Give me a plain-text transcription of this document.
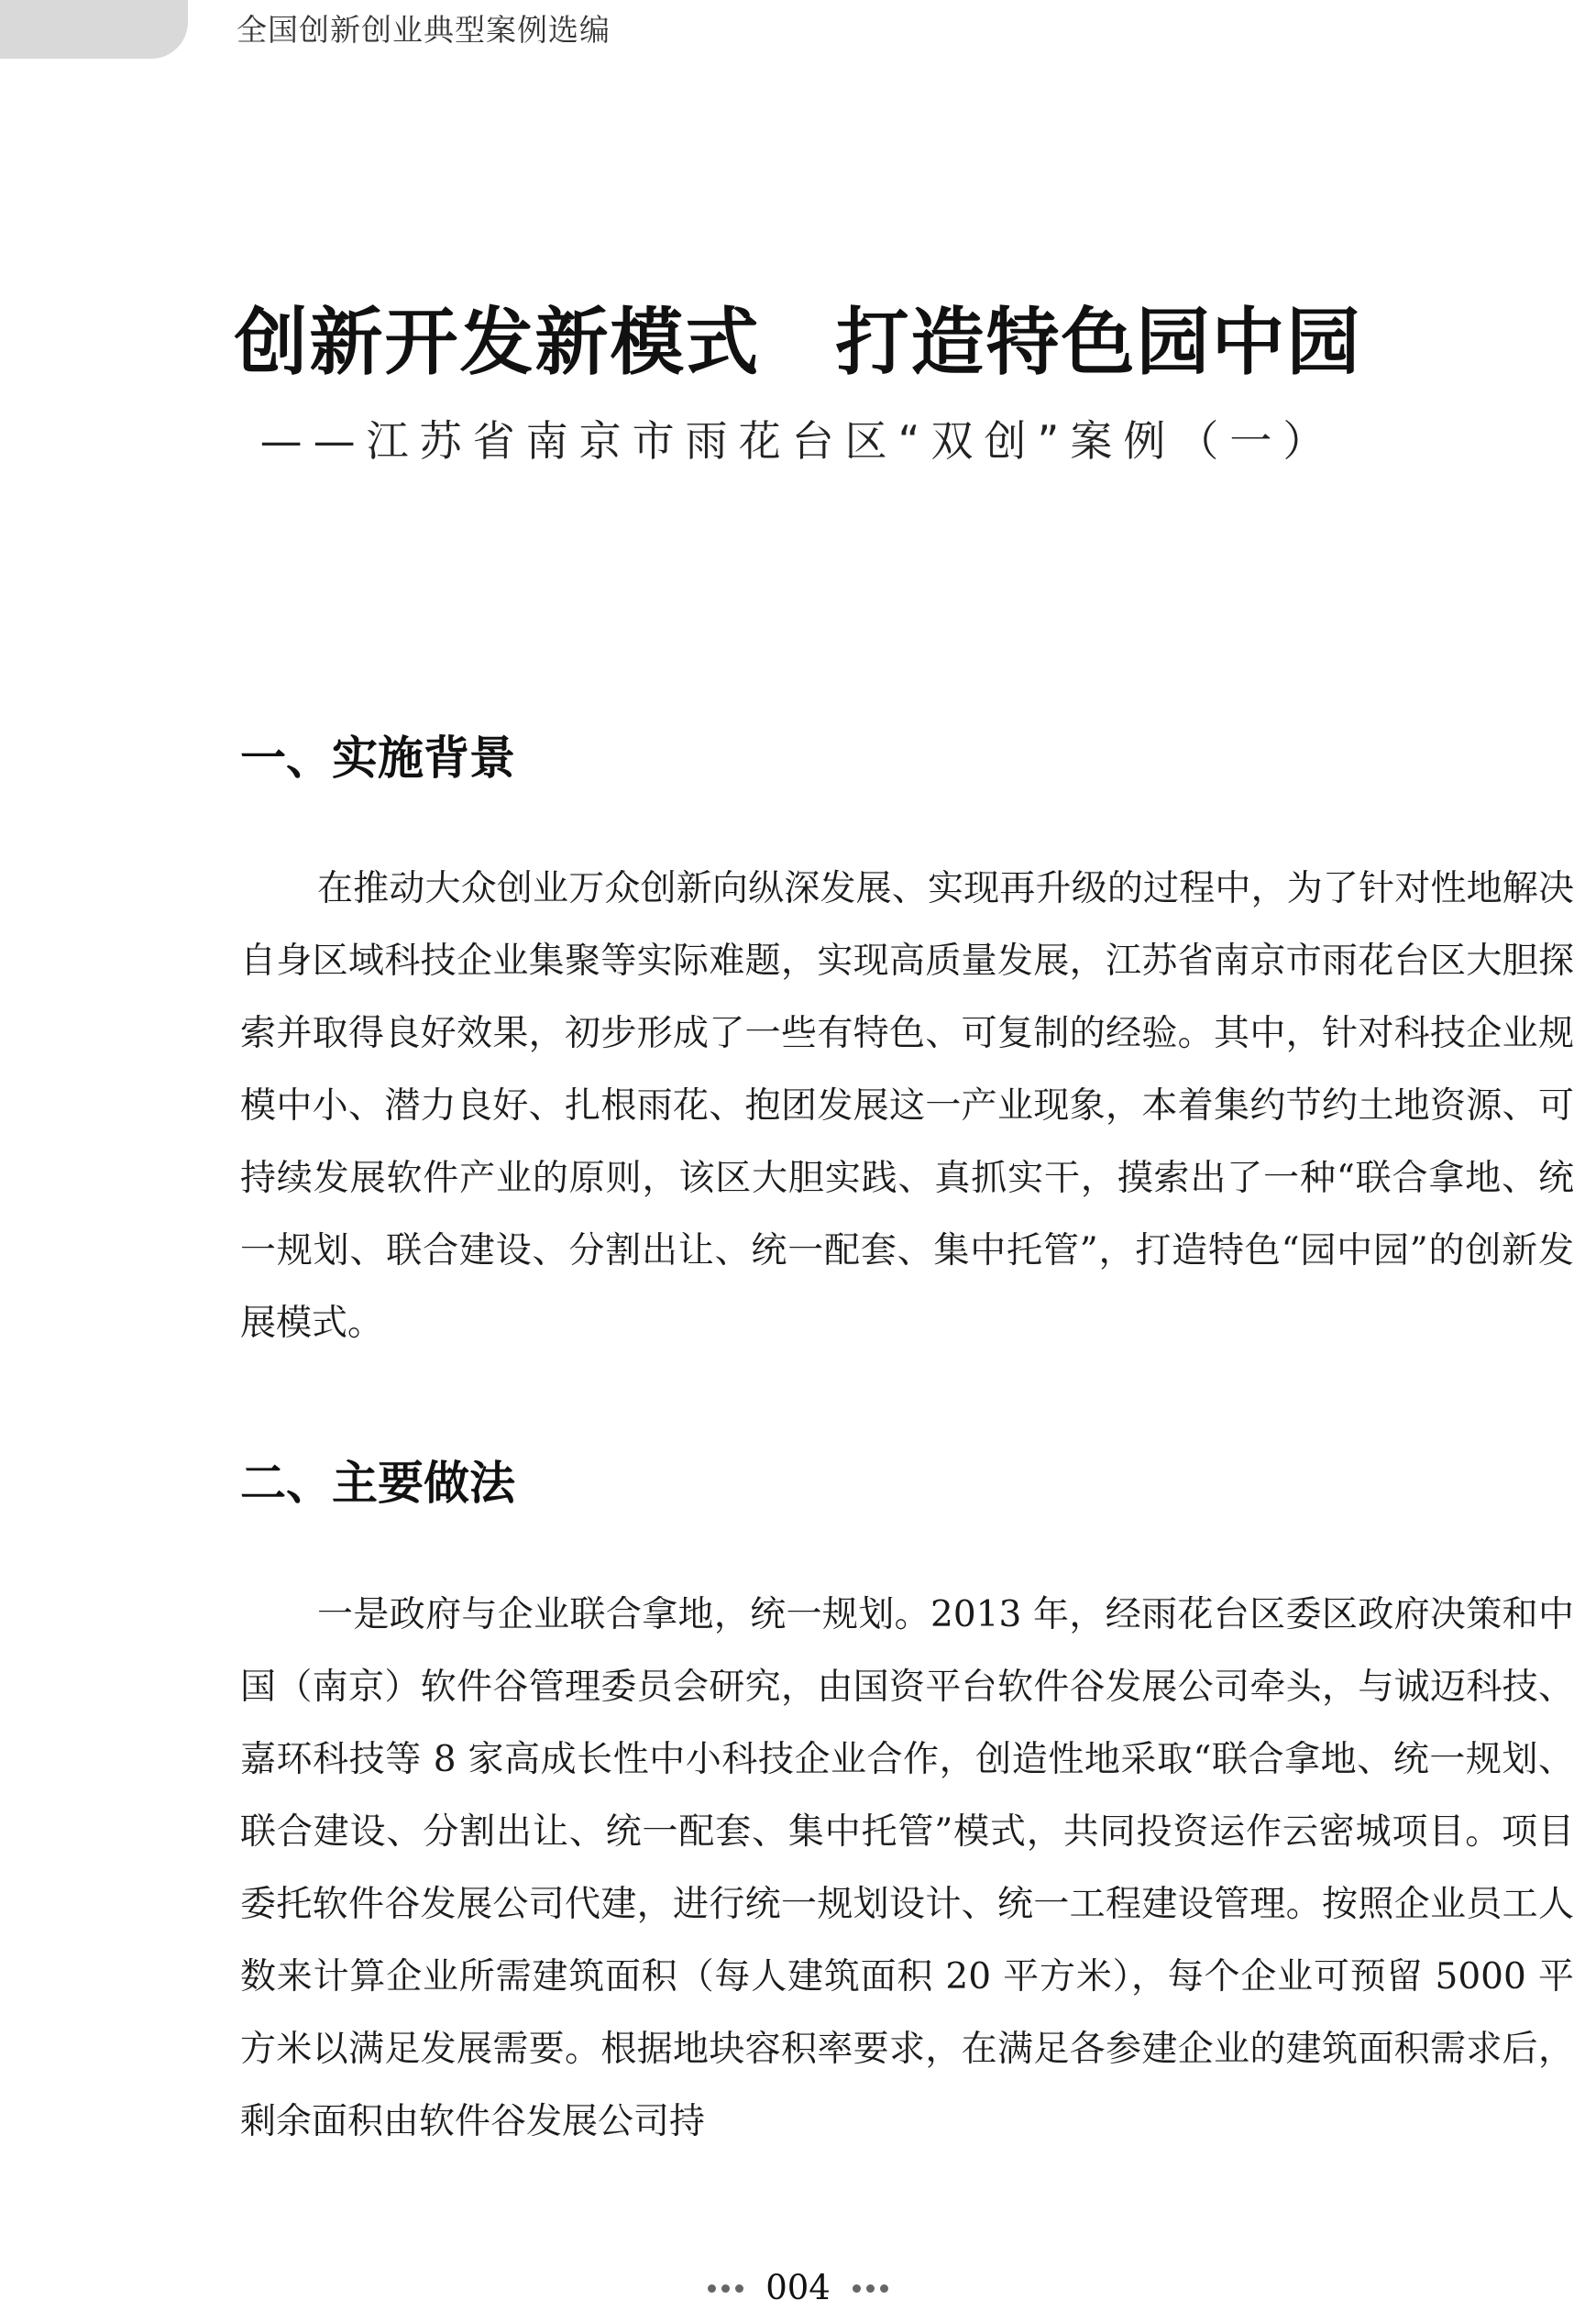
全国创新创业典型案例选编
创新开发新模式　打造特色园中园
——江苏省南京市雨花台区“双创”案例（一）
一、实施背景

在推动大众创业万众创新向纵深发展、实现再升级的过程中，为了针对性地解决自身区域科技企业集聚等实际难题，实现高质量发展，江苏省南京市雨花台区大胆探索并取得良好效果，初步形成了一些有特色、可复制的经验。其中，针对科技企业规模中小、潜力良好、扎根雨花、抱团发展这一产业现象，本着集约节约土地资源、可持续发展软件产业的原则，该区大胆实践、真抓实干，摸索出了一种“联合拿地、统一规划、联合建设、分割出让、统一配套、集中托管”，打造特色“园中园”的创新发展模式。

二、主要做法

一是政府与企业联合拿地，统一规划。2013 年，经雨花台区委区政府决策和中国（南京）软件谷管理委员会研究，由国资平台软件谷发展公司牵头，与诚迈科技、嘉环科技等 8 家高成长性中小科技企业合作，创造性地采取“联合拿地、统一规划、联合建设、分割出让、统一配套、集中托管”模式，共同投资运作云密城项目。项目委托软件谷发展公司代建，进行统一规划设计、统一工程建设管理。按照企业员工人数来计算企业所需建筑面积（每人建筑面积 20 平方米），每个企业可预留 5000 平方米以满足发展需要。根据地块容积率要求，在满足各参建企业的建筑面积需求后，剩余面积由软件谷发展公司持

004
